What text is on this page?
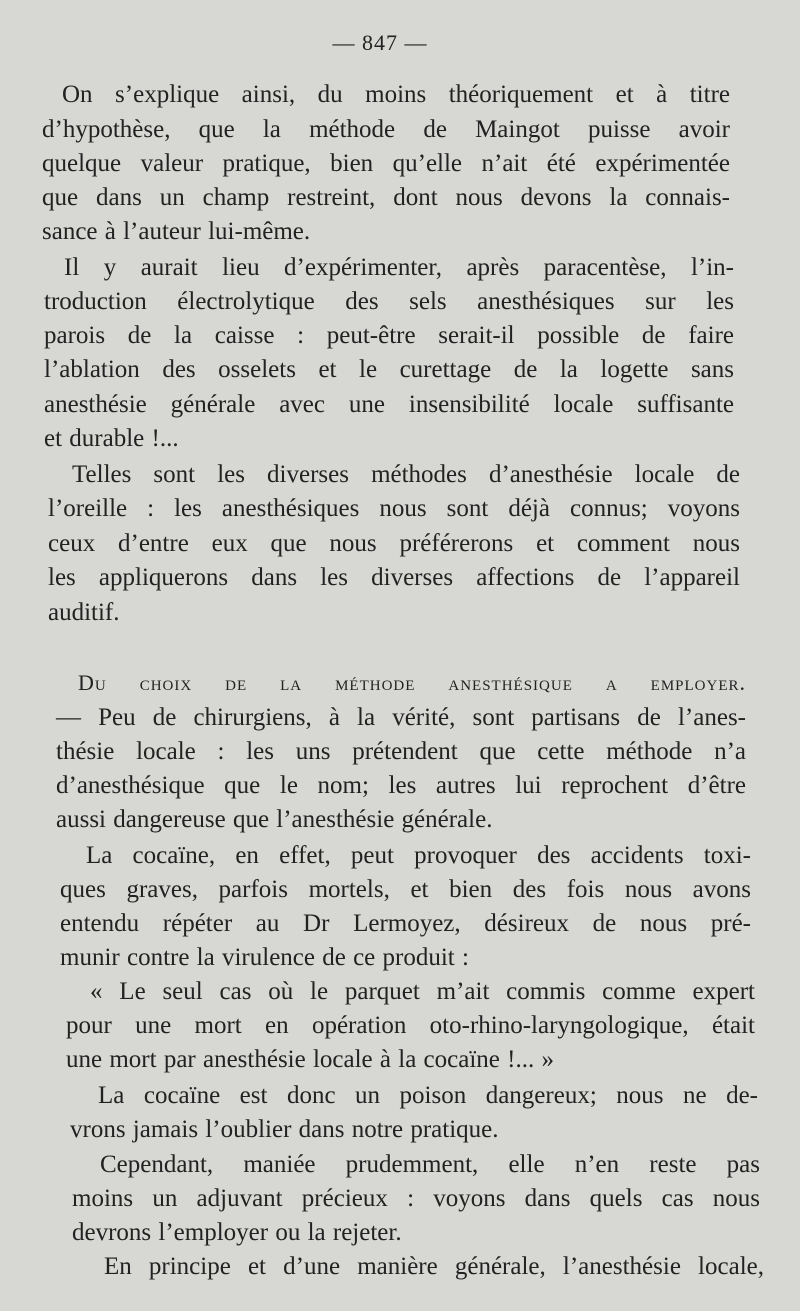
— 847 —
On s’explique ainsi, du moins théoriquement et à titre
d’hypothèse, que la méthode de Maingot puisse avoir
quelque valeur pratique, bien qu’elle n’ait été expérimentée
que dans un champ restreint, dont nous devons la connais-
sance à l’auteur lui-même.
Il y aurait lieu d’expérimenter, après paracentèse, l’in-
troduction électrolytique des sels anesthésiques sur les
parois de la caisse : peut-être serait-il possible de faire
l’ablation des osselets et le curettage de la logette sans
anesthésie générale avec une insensibilité locale suffisante
et durable !...
Telles sont les diverses méthodes d’anesthésie locale de
l’oreille : les anesthésiques nous sont déjà connus; voyons
ceux d’entre eux que nous préférerons et comment nous
les appliquerons dans les diverses affections de l’appareil
auditif.
Du choix de la méthode anesthésique a employer.
— Peu de chirurgiens, à la vérité, sont partisans de l’anes-
thésie locale : les uns prétendent que cette méthode n’a
d’anesthésique que le nom; les autres lui reprochent d’être
aussi dangereuse que l’anesthésie générale.
La cocaïne, en effet, peut provoquer des accidents toxi-
ques graves, parfois mortels, et bien des fois nous avons
entendu répéter au Dr Lermoyez, désireux de nous pré-
munir contre la virulence de ce produit :
« Le seul cas où le parquet m’ait commis comme expert
pour une mort en opération oto-rhino-laryngologique, était
une mort par anesthésie locale à la cocaïne !... »
La cocaïne est donc un poison dangereux; nous ne de-
vrons jamais l’oublier dans notre pratique.
Cependant, maniée prudemment, elle n’en reste pas
moins un adjuvant précieux : voyons dans quels cas nous
devrons l’employer ou la rejeter.
En principe et d’une manière générale, l’anesthésie locale,
